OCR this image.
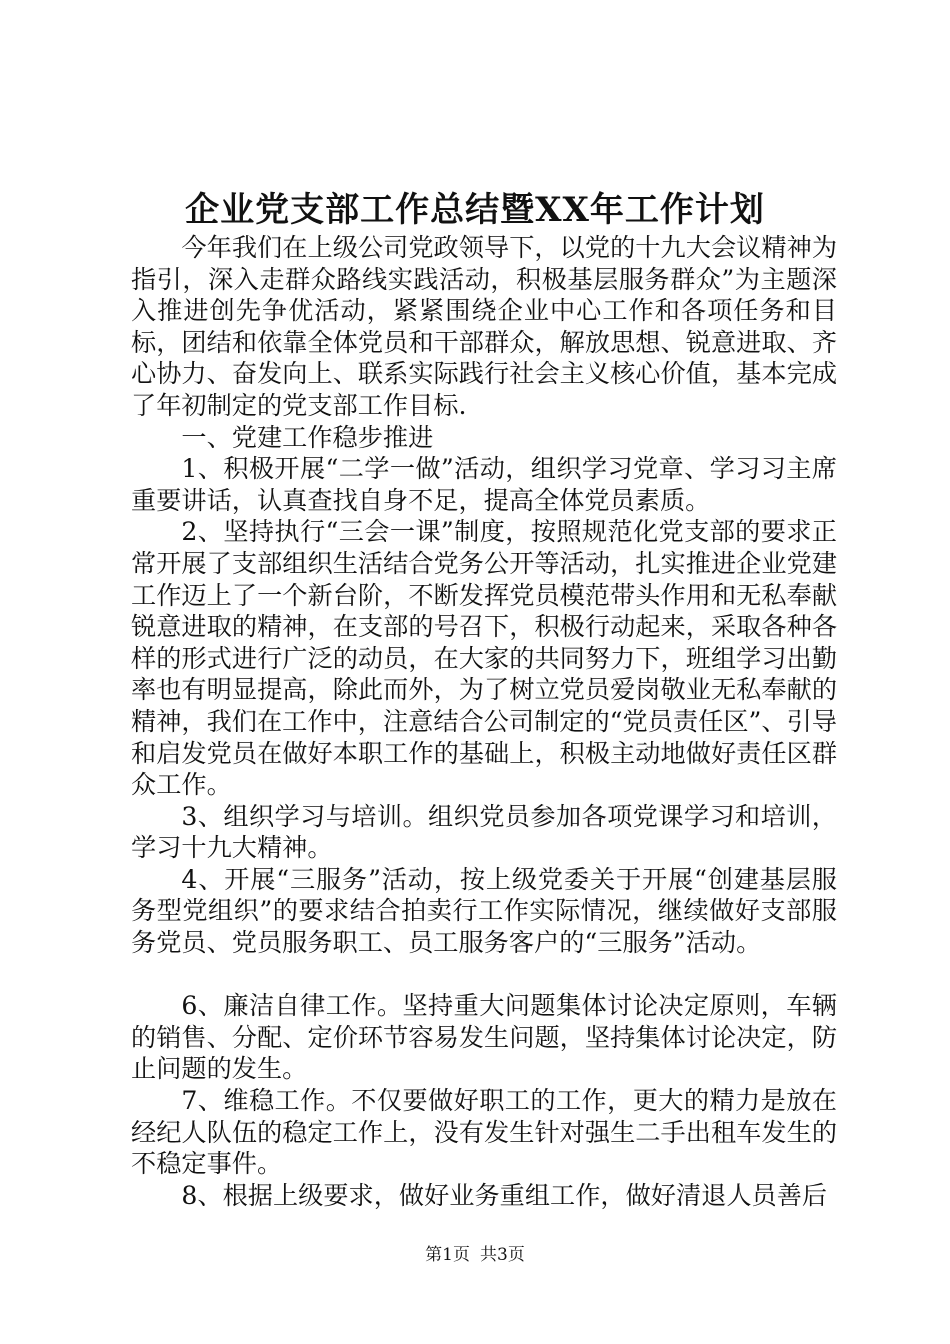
企业党支部工作总结暨XX年工作计划

今年我们在上级公司党政领导下，以党的十九大会议精神为指引，深入走群众路线实践活动，积极基层服务群众”为主题深入推进创先争优活动，紧紧围绕企业中心工作和各项任务和目标，团结和依靠全体党员和干部群众，解放思想、锐意进取、齐心协力、奋发向上、联系实际践行社会主义核心价值，基本完成了年初制定的党支部工作目标.

一、党建工作稳步推进

1、积极开展“二学一做”活动，组织学习党章、学习习主席重要讲话，认真查找自身不足，提高全体党员素质。

2、坚持执行“三会一课”制度，按照规范化党支部的要求正常开展了支部组织生活结合党务公开等活动，扎实推进企业党建工作迈上了一个新台阶，不断发挥党员模范带头作用和无私奉献锐意进取的精神，在支部的号召下，积极行动起来，采取各种各样的形式进行广泛的动员，在大家的共同努力下，班组学习出勤率也有明显提高，除此而外，为了树立党员爱岗敬业无私奉献的精神，我们在工作中，注意结合公司制定的“党员责任区”、引导和启发党员在做好本职工作的基础上，积极主动地做好责任区群众工作。

3、组织学习与培训。组织党员参加各项党课学习和培训，学习十九大精神。

4、开展“三服务”活动，按上级党委关于开展“创建基层服务型党组织”的要求结合拍卖行工作实际情况，继续做好支部服务党员、党员服务职工、员工服务客户的“三服务”活动。

6、廉洁自律工作。坚持重大问题集体讨论决定原则，车辆的销售、分配、定价环节容易发生问题，坚持集体讨论决定，防止问题的发生。

7、维稳工作。不仅要做好职工的工作，更大的精力是放在经纪人队伍的稳定工作上，没有发生针对强生二手出租车发生的不稳定事件。

8、根据上级要求，做好业务重组工作，做好清退人员善后

第1页 共3页
